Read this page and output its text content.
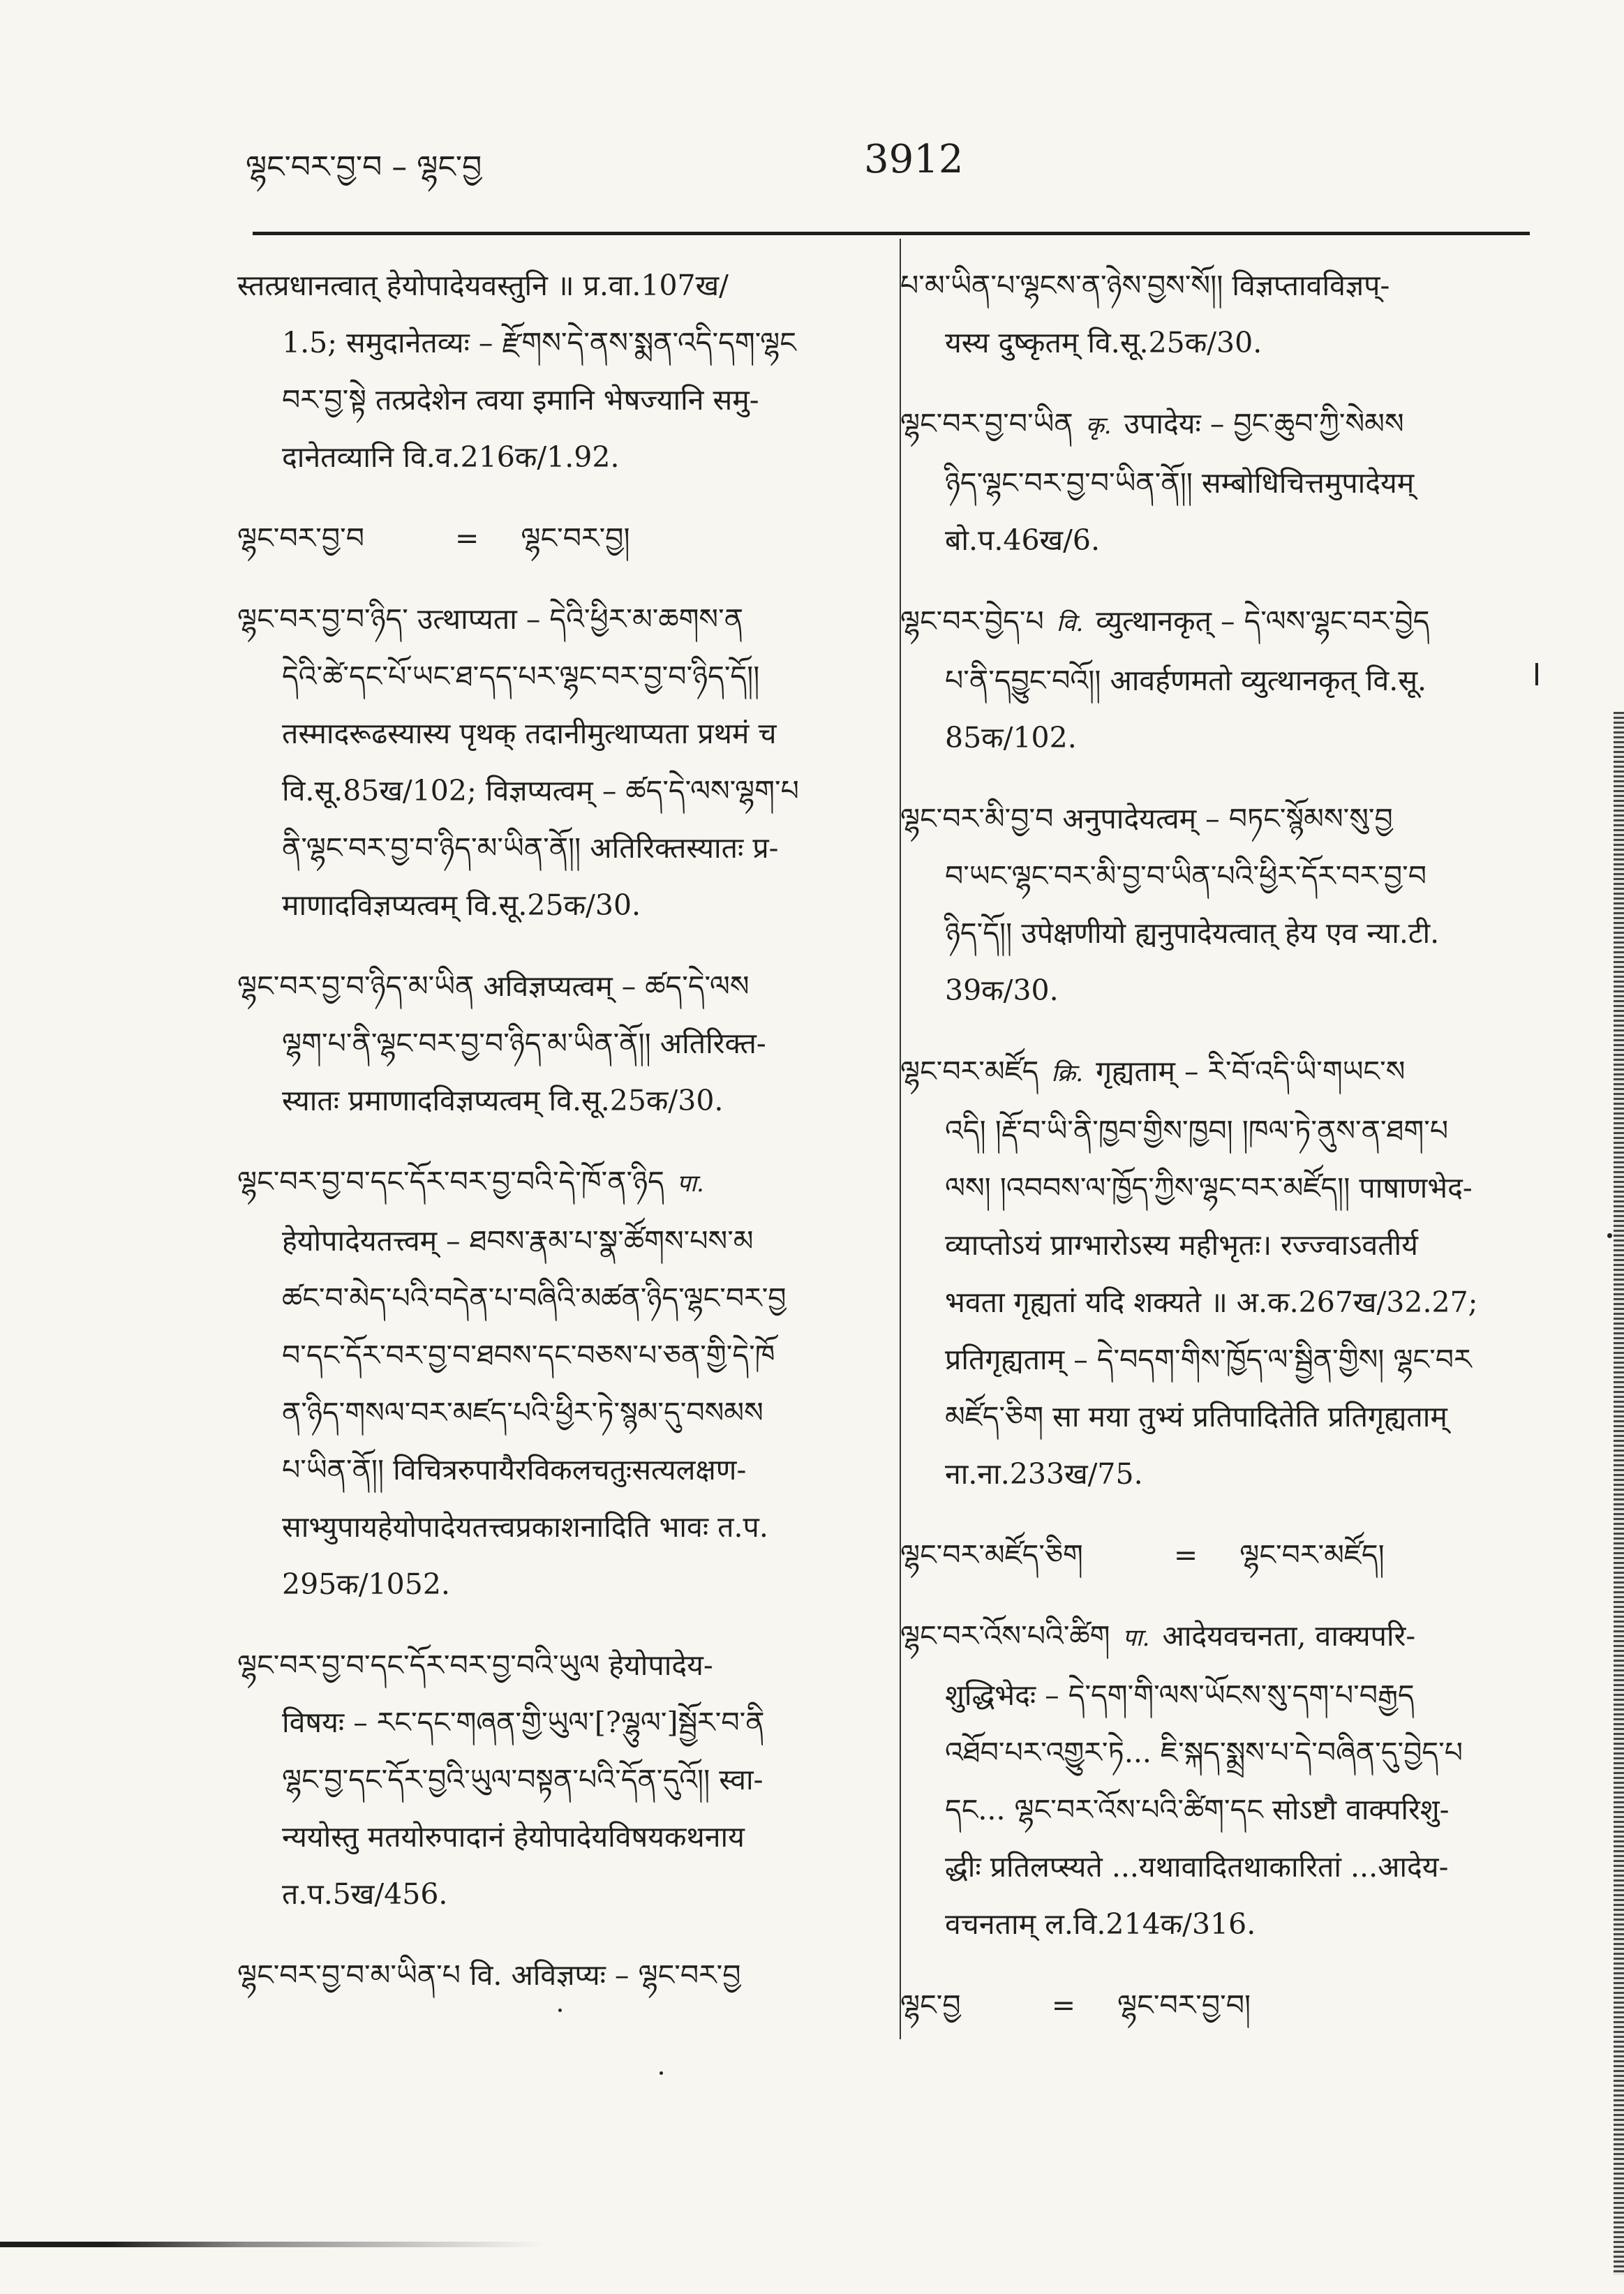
ལྷང་བར་བྱ་བ – ལྷང་བྱ	3912
स्तत्प्रधानत्वात् हेयोपादेयवस्तुनि ॥ प्र.वा.107ख/
1.5; समुदानेतव्यः – རྫོགས་དེ་ནས་སྨན་འདི་དག་ལྷང
བར་བྱ་སྟེ तत्प्रदेशेन त्वया इमानि भेषज्यानि समु-
दानेतव्यानि वि.व.216क/1.92.
ལྷང་བར་བྱ་བ	= ལྷང་བར་བྱ།
ལྷང་བར་བྱ་བ་ཉིད་ उत्थाप्यता – དེའི་ཕྱིར་མ་ཆགས་ན
དེའི་ཚེ་དང་པོ་ཡང་ཐ་དད་པར་ལྷང་བར་བྱ་བ་ཉིད་དོ།།
तस्मादरूढस्यास्य पृथक् तदानीमुत्थाप्यता प्रथमं च
वि.सू.85ख/102; विज्ञप्यत्वम् – ཚད་དེ་ལས་ལྷག་པ
ནི་ལྷང་བར་བྱ་བ་ཉིད་མ་ཡིན་ནོ།། अतिरिक्तस्यातः प्र-
माणादविज्ञप्यत्वम् वि.सू.25क/30.
ལྷང་བར་བྱ་བ་ཉིད་མ་ཡིན अविज्ञप्यत्वम् – ཚད་དེ་ལས
ལྷག་པ་ནི་ལྷང་བར་བྱ་བ་ཉིད་མ་ཡིན་ནོ།། अतिरिक्त-
स्यातः प्रमाणादविज्ञप्यत्वम् वि.सू.25क/30.
ལྷང་བར་བྱ་བ་དང་དོར་བར་བྱ་བའི་དེ་ཁོ་ན་ཉིད पा.
हेयोपादेयतत्त्वम् – ཐབས་རྣམ་པ་སྣ་ཚོགས་པས་མ
ཚང་བ་མེད་པའི་བདེན་པ་བཞིའི་མཚན་ཉིད་ལྷང་བར་བྱ
བ་དང་དོར་བར་བྱ་བ་ཐབས་དང་བཅས་པ་ཅན་གྱི་དེ་ཁོ
ན་ཉིད་གསལ་བར་མཛད་པའི་ཕྱིར་ཏེ་སྙམ་དུ་བསམས
པ་ཡིན་ནོ།། विचित्ररुपायैरविकलचतुःसत्यलक्षण-
साभ्युपायहेयोपादेयतत्त्वप्रकाशनादिति भावः त.प.
295क/1052.
ལྷང་བར་བྱ་བ་དང་དོར་བར་བྱ་བའི་ཡུལ हेयोपादेय-
विषयः – རང་དང་གཞན་གྱི་ཡུལ་[?ལྷུལ་]སྦྱོར་བ་ནི
ལྷང་བྱ་དང་དོར་བྱའི་ཡུལ་བསྟན་པའི་དོན་དུའོ།། स्वा-
न्ययोस्तु मतयोरुपादानं हेयोपादेयविषयकथनाय
त.प.5ख/456.
ལྷང་བར་བྱ་བ་མ་ཡིན་པ वि. अविज्ञप्यः – ལྷང་བར་བྱ
པ་མ་ཡིན་པ་ལྷངས་ན་ཉེས་བྱས་སོ།། विज्ञप्तावविज्ञप्-
यस्य दुष्कृतम् वि.सू.25क/30.
ལྷང་བར་བྱ་བ་ཡིན कृ. उपादेयः – བྱང་ཆུབ་ཀྱི་སེམས
ཉིད་ལྷང་བར་བྱ་བ་ཡིན་ནོ།། सम्बोधिचित्तमुपादेयम्
बो.प.46ख/6.
ལྷང་བར་བྱེད་པ वि. व्युत्थानकृत् – དེ་ལས་ལྷང་བར་བྱེད
པ་ནི་དབྱུང་བའོ།། आवर्हणमतो व्युत्थानकृत् वि.सू.
85क/102.
ལྷང་བར་མི་བྱ་བ अनुपादेयत्वम् – བཏང་སྙོམས་སུ་བྱ
བ་ཡང་ལྷང་བར་མི་བྱ་བ་ཡིན་པའི་ཕྱིར་དོར་བར་བྱ་བ
ཉིད་དོ།། उपेक्षणीयो ह्यनुपादेयत्वात् हेय एव न्या.टी.
39क/30.
ལྷང་བར་མཛོད क्रि. गृह्यताम् – རི་བོ་འདི་ཡི་གཡང་ས
འདི། །རྡོ་བ་ཡི་ནི་ཁྱབ་གྱིས་ཁྱབ། །ཁལ་ཏེ་ནུས་ན་ཐག་པ
ལས། །འབབས་ལ་ཁྱོད་ཀྱིས་ལྷང་བར་མཛོད།། पाषाणभेद-
व्याप्तोऽयं प्राग्भारोऽस्य महीभृतः। रज्ज्वाऽवतीर्य
भवता गृह्यतां यदि शक्यते ॥ अ.क.267ख/32.27;
प्रतिगृह्यताम् – དེ་བདག་གིས་ཁྱོད་ལ་སྦྱིན་གྱིས། ལྷང་བར
མཛོད་ཅིག सा मया तुभ्यं प्रतिपादितेति प्रतिगृह्यताम्
ना.ना.233ख/75.
ལྷང་བར་མཛོད་ཅིག	= ལྷང་བར་མཛོད།
ལྷང་བར་འོས་པའི་ཚིག पा. आदेयवचनता, वाक्यपरि-
शुद्धिभेदः – དེ་དག་གི་ལས་ཡོངས་སུ་དག་པ་བརྒྱད
འཐོབ་པར་འགྱུར་ཏེ... ཇི་སྐད་སྨྲས་པ་དེ་བཞིན་དུ་བྱེད་པ
དང... ལྷང་བར་འོས་པའི་ཚིག་དང सोऽष्टौ वाक्परिशु-
द्धीः प्रतिलप्स्यते ...यथावादितथाकारितां ...आदेय-
वचनताम् ल.वि.214क/316.
ལྷང་བྱ	= ལྷང་བར་བྱ་བ།
